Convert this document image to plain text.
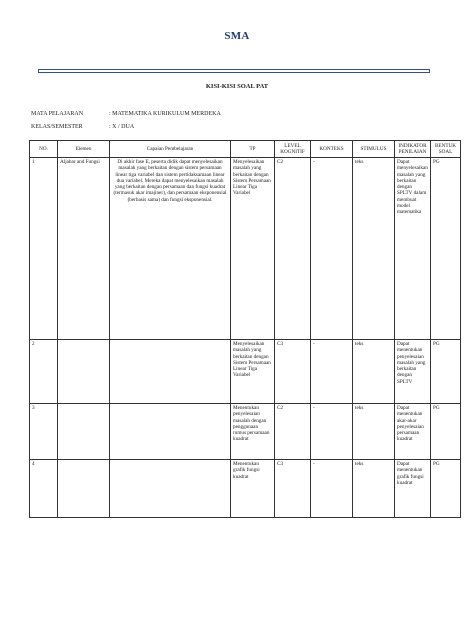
SMA
KISI-KISI SOAL PAT
MATA PELAJARAN	: MATEMATIKA KURIKULUM MERDEKA
KELAS/SEMESTER	: X / DUA
NO.	Elemen	Capaian Pembelajaran	TP	LEVEL KOGNITIF	KONTEKS	STIMULUS	INDIKATOR PENILAIAN	BENTUK SOAL
1	Aljabar and Fungsi	Di akhir fase E, peserta didik dapat menyelesaikan masalah yang berkaitan dengan sistem persamaan linear tiga variabel dan sistem pertidaksamaan linear dua variabel. Mereka dapat menyelesaikan masalah yang berkaitan dengan persamaan dan fungsi kuadrat (termasuk akar imajiner), dan persamaan eksponensial (berbasis sama) dan fungsi eksponensial.	Menyelesaikan masalah yang berkaitan dengan Sistem Persamaan Linear Tiga Variabel	C2	-	teks	Dapat menyelesaikan masalah yang berkaitan dengan SPLTV dalam membuat model matematika	PG
2			Menyelesaikan masalah yang berkaitan dengan Sistem Persamaan Linear Tiga Variabel	C3	-	teks	Dapat menentukan penyelesaian masalah yang berkaitan dengan SPLTV	PG
3			Menentukan penyelesaian masalah dengan penggunaan rumus persamaan kuadrat	C2	-	teks	Dapat menentukan akar-akar penyelesaian persamaan kuadrat	PG
4			Menentukan grafik fungsi kuadrat	C3	-	teks	Dapat menentukan grafik fungsi kuadrat	PG
